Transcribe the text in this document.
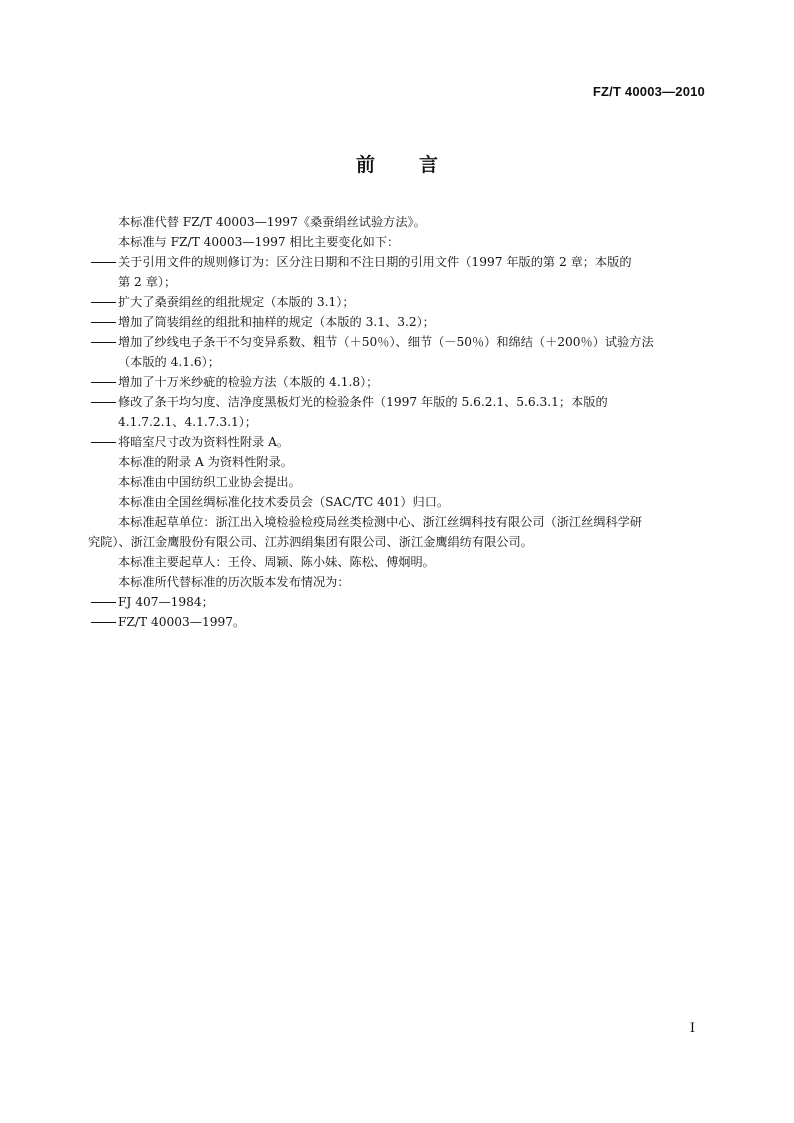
FZ/T 40003—2010
前言

本标准代替 FZ/T 40003—1997《桑蚕绢丝试验方法》。

本标准与 FZ/T 40003—1997 相比主要变化如下：

关于引用文件的规则修订为：区分注日期和不注日期的引用文件（1997 年版的第 2 章；本版的
第 2 章）；
扩大了桑蚕绢丝的组批规定（本版的 3.1）；
增加了筒装绢丝的组批和抽样的规定（本版的 3.1、3.2）；
增加了纱线电子条干不匀变异系数、粗节（＋50％）、细节（－50％）和绵结（＋200％）试验方法
（本版的 4.1.6）；
增加了十万米纱疵的检验方法（本版的 4.1.8）；
修改了条干均匀度、洁净度黑板灯光的检验条件（1997 年版的 5.6.2.1、5.6.3.1；本版的
4.1.7.2.1、4.1.7.3.1）；
将暗室尺寸改为资料性附录 A。

本标准的附录 A 为资料性附录。

本标准由中国纺织工业协会提出。

本标准由全国丝绸标准化技术委员会（SAC/TC 401）归口。

本标准起草单位：浙江出入境检验检疫局丝类检测中心、浙江丝绸科技有限公司（浙江丝绸科学研

究院）、浙江金鹰股份有限公司、江苏泗绢集团有限公司、浙江金鹰绢纺有限公司。

本标准主要起草人：王伶、周颖、陈小妹、陈松、傅炯明。

本标准所代替标准的历次版本发布情况为：

FJ 407—1984；
FZ/T 40003—1997。
I
